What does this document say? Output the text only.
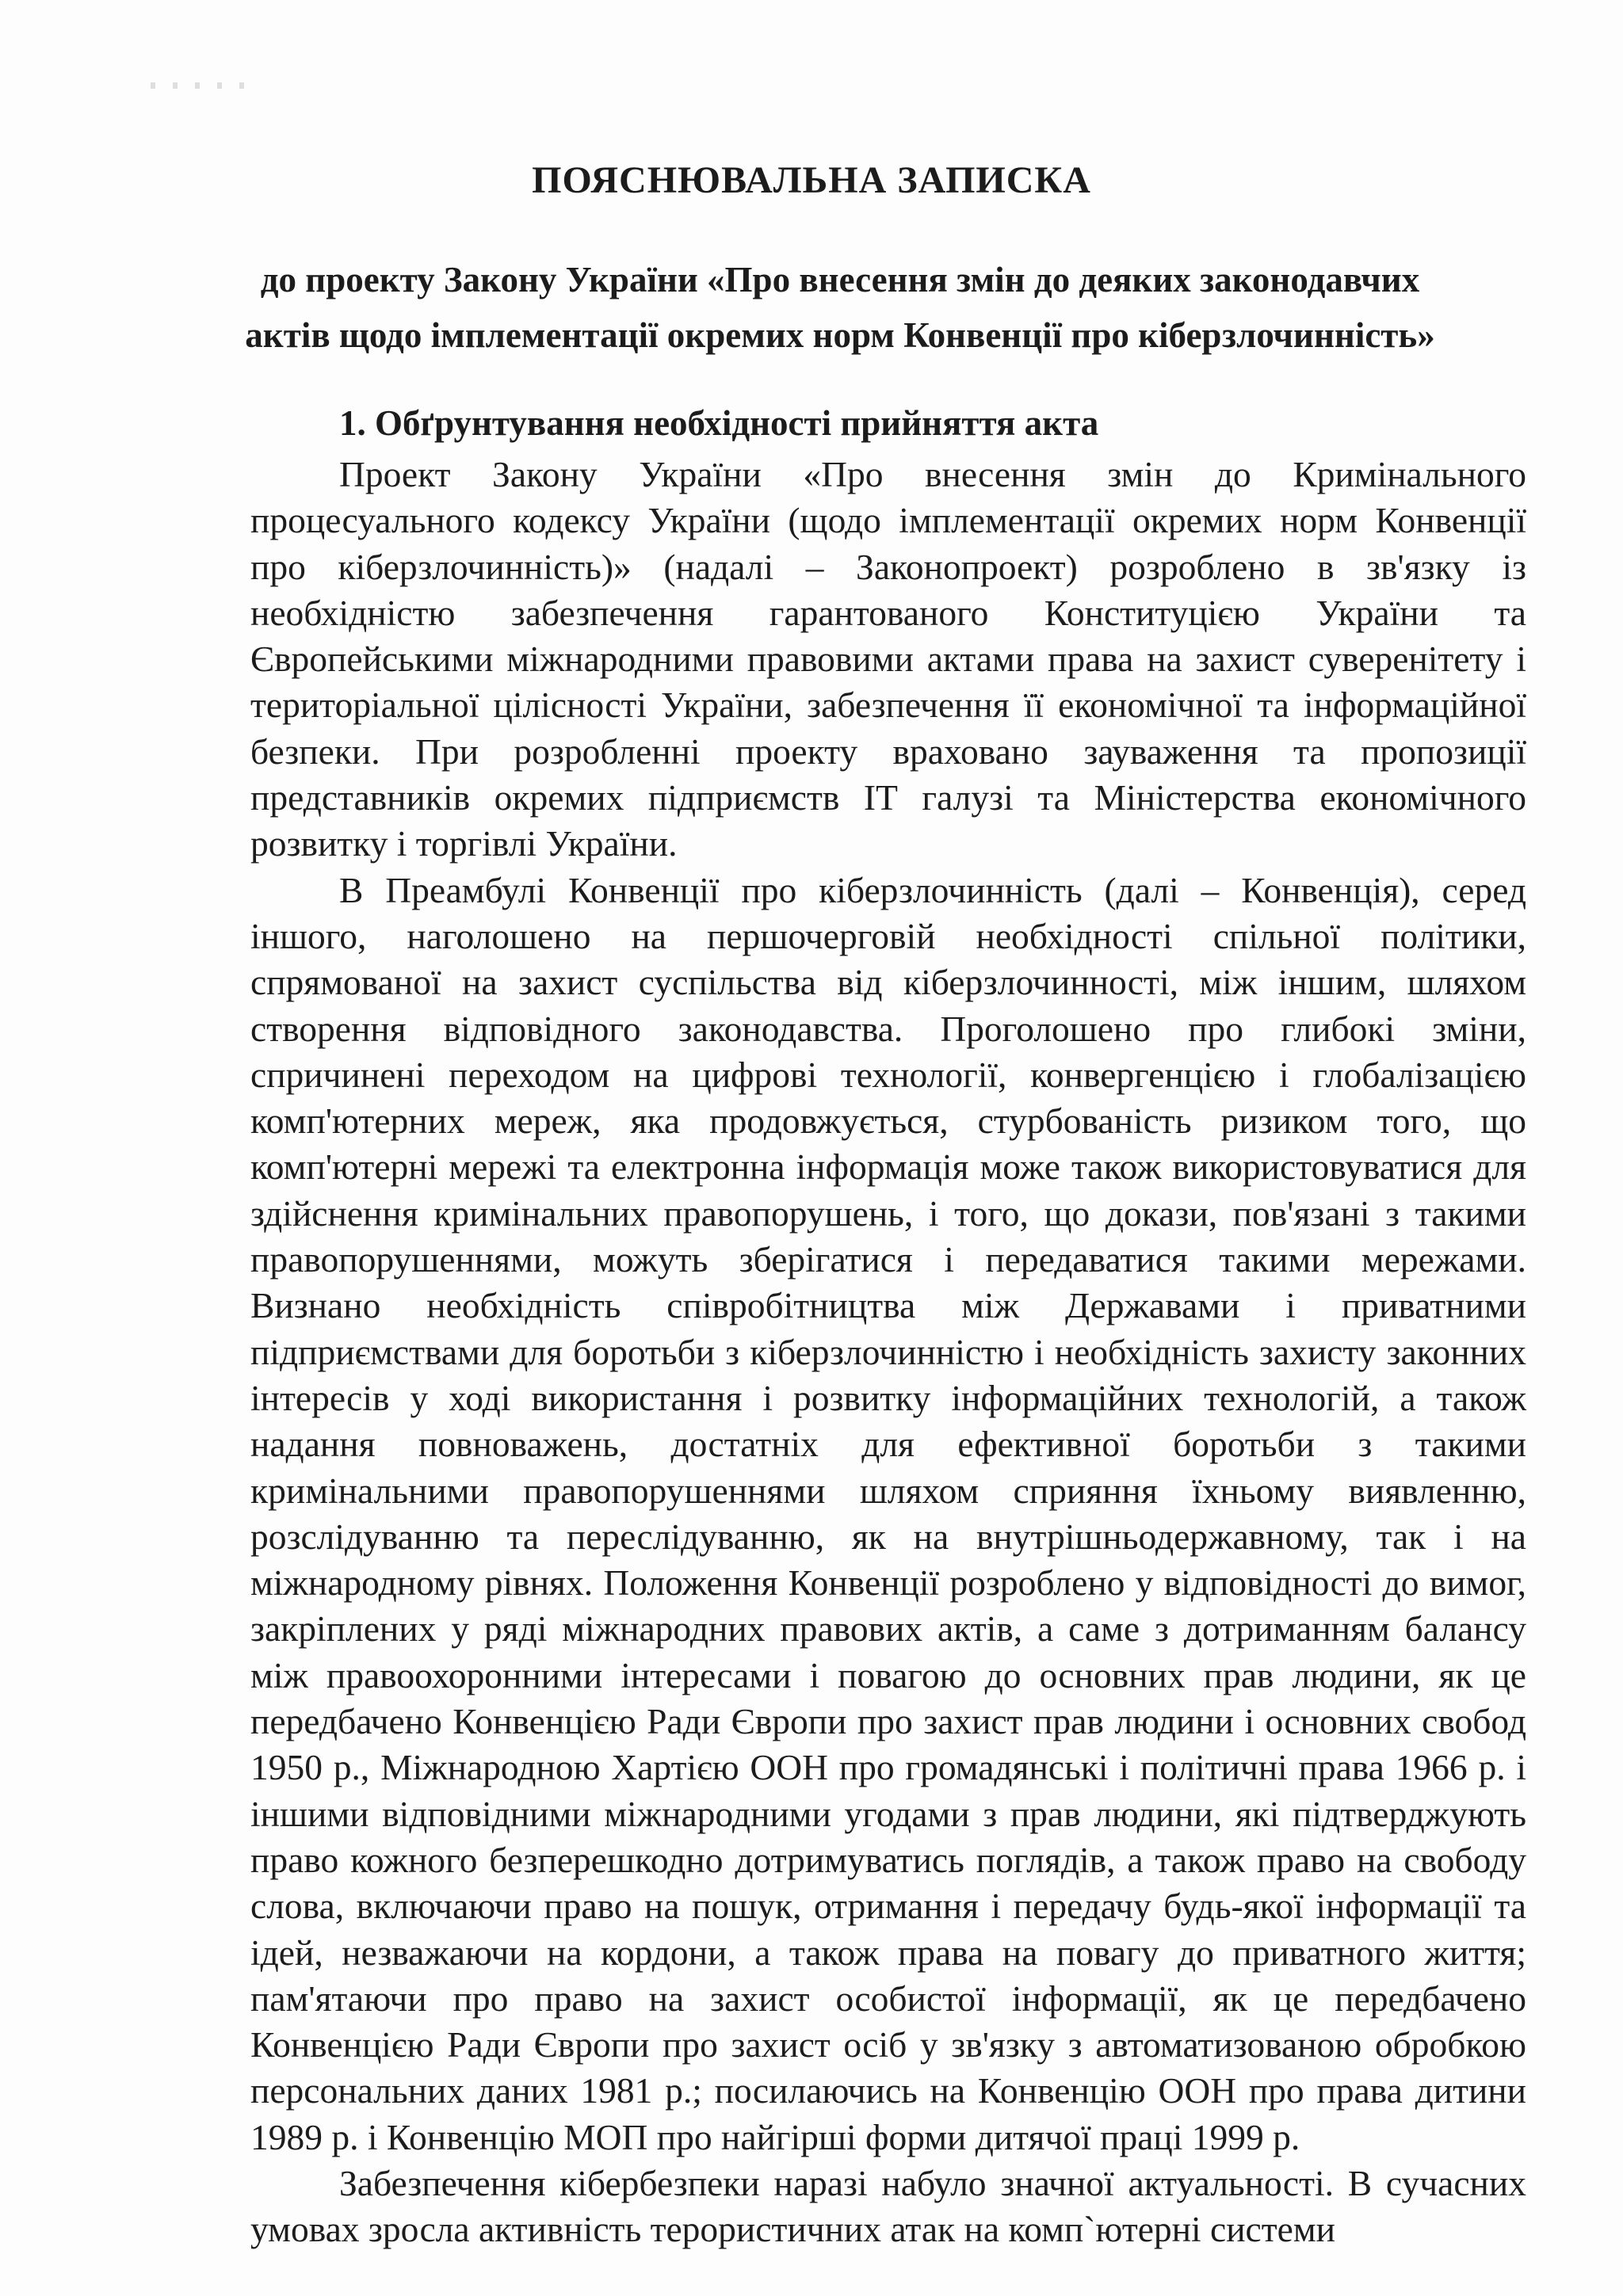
ПОЯСНЮВАЛЬНА ЗАПИСКА

до проекту Закону України «Про внесення змін до деяких законодавчих актів щодо імплементації окремих норм Конвенції про кіберзлочинність»

1. Обґрунтування необхідності прийняття акта

Проект Закону України «Про внесення змін до Кримінального процесуального кодексу України (щодо імплементації окремих норм Конвенції про кіберзлочинність)» (надалі – Законопроект) розроблено в зв'язку із необхідністю забезпечення гарантованого Конституцією України та Європейськими міжнародними правовими актами права на захист суверенітету і територіальної цілісності України, забезпечення її економічної та інформаційної безпеки. При розробленні проекту враховано зауваження та пропозиції представників окремих підприємств ІТ галузі та Міністерства економічного розвитку і торгівлі України.

В Преамбулі Конвенції про кіберзлочинність (далі – Конвенція), серед іншого, наголошено на першочерговій необхідності спільної політики, спрямованої на захист суспільства від кіберзлочинності, між іншим, шляхом створення відповідного законодавства. Проголошено про глибокі зміни, спричинені переходом на цифрові технології, конвергенцією і глобалізацією комп'ютерних мереж, яка продовжується, стурбованість ризиком того, що комп'ютерні мережі та електронна інформація може також використовуватися для здійснення кримінальних правопорушень, і того, що докази, пов'язані з такими правопорушеннями, можуть зберігатися і передаватися такими мережами. Визнано необхідність співробітництва між Державами і приватними підприємствами для боротьби з кіберзлочинністю і необхідність захисту законних інтересів у ході використання і розвитку інформаційних технологій, а також надання повноважень, достатніх для ефективної боротьби з такими кримінальними правопорушеннями шляхом сприяння їхньому виявленню, розслідуванню та переслідуванню, як на внутрішньодержавному, так і на міжнародному рівнях. Положення Конвенції розроблено у відповідності до вимог, закріплених у ряді міжнародних правових актів, а саме з дотриманням балансу між правоохоронними інтересами і повагою до основних прав людини, як це передбачено Конвенцією Ради Європи про захист прав людини і основних свобод 1950 р., Міжнародною Хартією ООН про громадянські і політичні права 1966 р. і іншими відповідними міжнародними угодами з прав людини, які підтверджують право кожного безперешкодно дотримуватись поглядів, а також право на свободу слова, включаючи право на пошук, отримання і передачу будь-якої інформації та ідей, незважаючи на кордони, а також права на повагу до приватного життя; пам'ятаючи про право на захист особистої інформації, як це передбачено Конвенцією Ради Європи про захист осіб у зв'язку з автоматизованою обробкою персональних даних 1981 р.; посилаючись на Конвенцію ООН про права дитини 1989 р. і Конвенцію МОП про найгірші форми дитячої праці 1999 р.

Забезпечення кібербезпеки наразі набуло значної актуальності. В сучасних умовах зросла активність терористичних атак на комп`ютерні системи
